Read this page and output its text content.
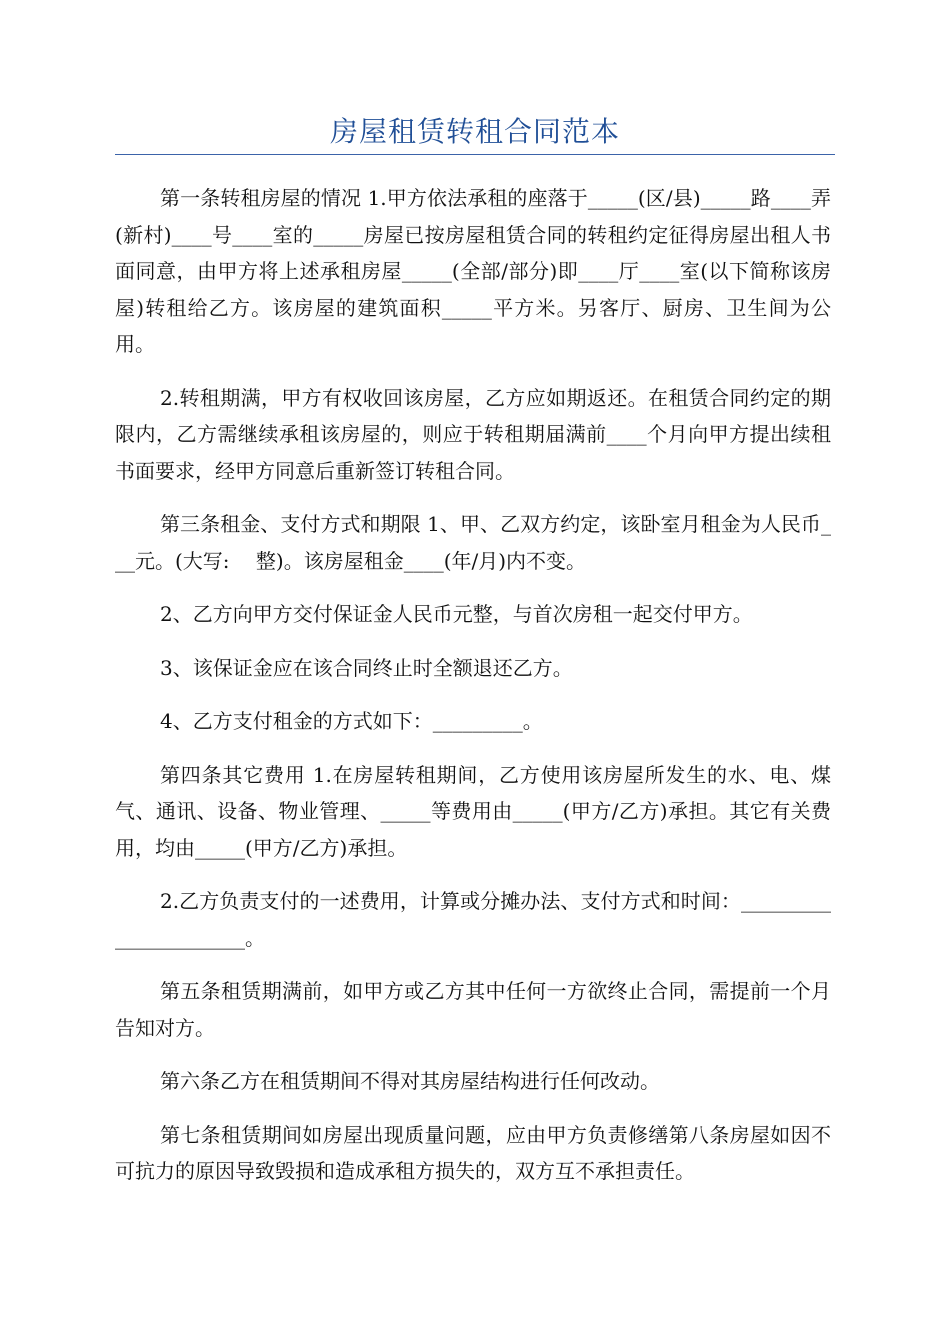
房屋租赁转租合同范本

第一条转租房屋的情况 1.甲方依法承租的座落于_____(区/县)_____路____弄(新村)____号____室的_____房屋已按房屋租赁合同的转租约定征得房屋出租人书面同意，由甲方将上述承租房屋_____(全部/部分)即____厅____室(以下简称该房屋)转租给乙方。该房屋的建筑面积_____平方米。另客厅、厨房、卫生间为公用。

2.转租期满，甲方有权收回该房屋，乙方应如期返还。在租赁合同约定的期限内，乙方需继续承租该房屋的，则应于转租期届满前____个月向甲方提出续租书面要求，经甲方同意后重新签订转租合同。

第三条租金、支付方式和期限 1、甲、乙双方约定，该卧室月租金为人民币___元。(大写:　 整)。该房屋租金____(年/月)内不变。

2、乙方向甲方交付保证金人民币元整，与首次房租一起交付甲方。

3、该保证金应在该合同终止时全额退还乙方。

4、乙方支付租金的方式如下：_________。

第四条其它费用 1.在房屋转租期间，乙方使用该房屋所发生的水、电、煤气、通讯、设备、物业管理、_____等费用由_____(甲方/乙方)承担。其它有关费用，均由_____(甲方/乙方)承担。

2.乙方负责支付的一述费用，计算或分摊办法、支付方式和时间：______________________。

第五条租赁期满前，如甲方或乙方其中任何一方欲终止合同，需提前一个月告知对方。

第六条乙方在租赁期间不得对其房屋结构进行任何改动。

第七条租赁期间如房屋出现质量问题，应由甲方负责修缮第八条房屋如因不可抗力的原因导致毁损和造成承租方损失的，双方互不承担责任。
